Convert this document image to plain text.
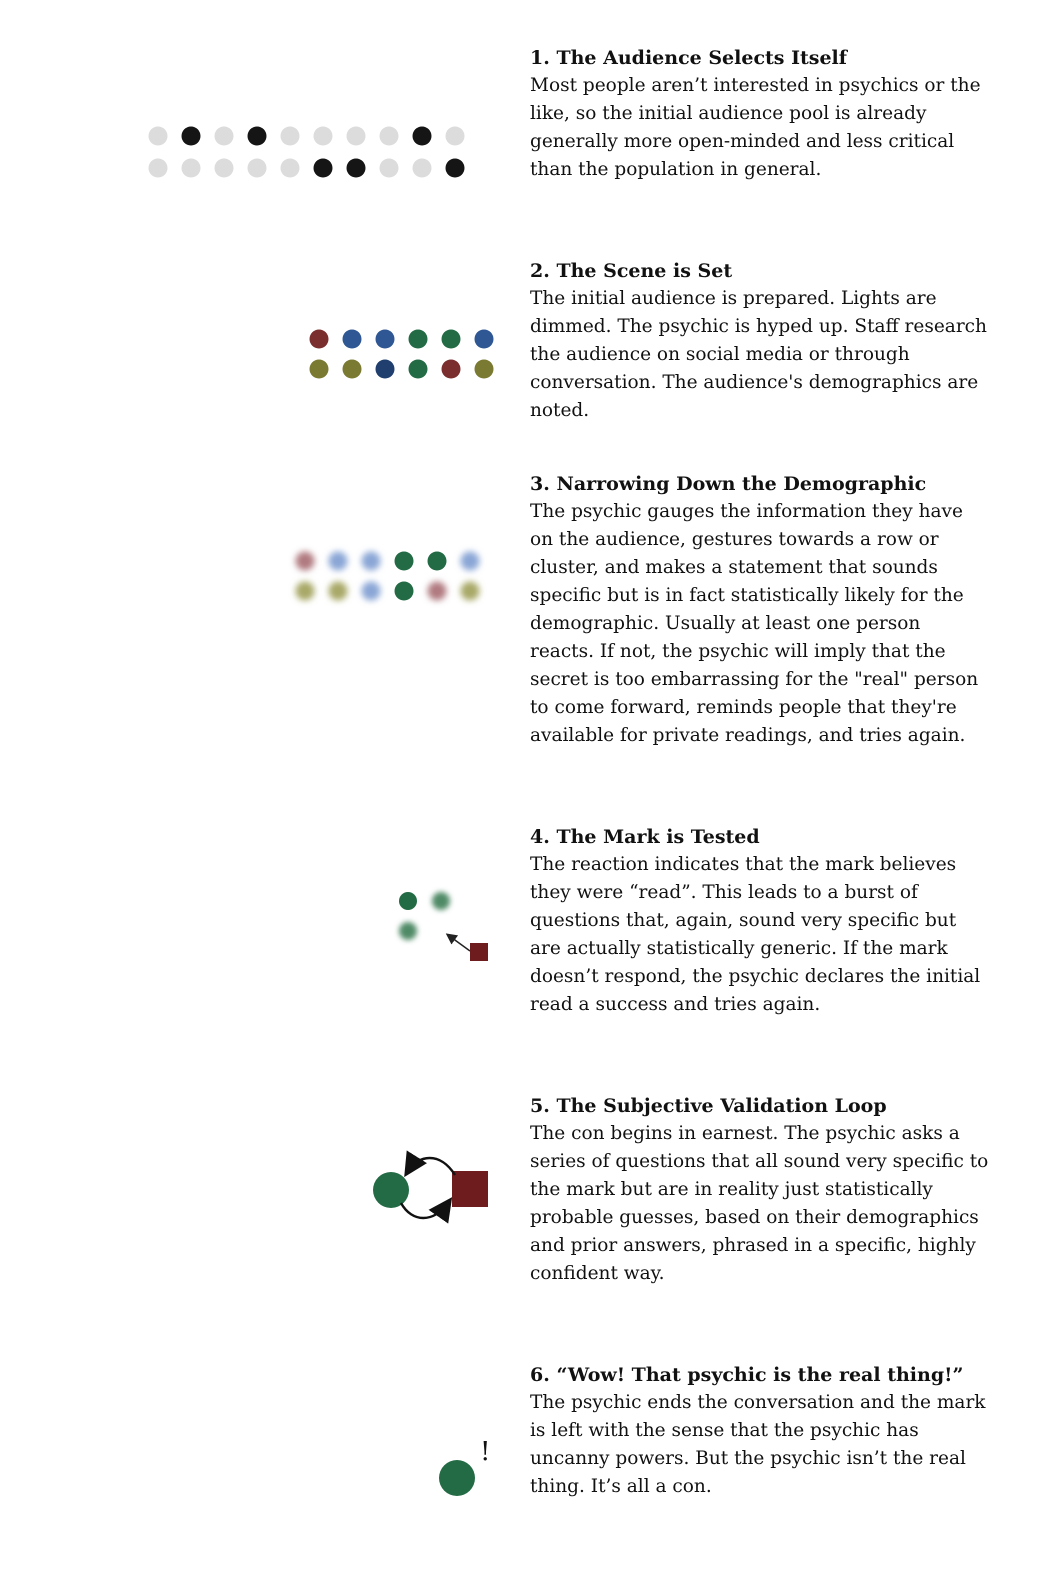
1. The Audience Selects Itself

Most people aren’t interested in psychics or the like, so the initial audience pool is already generally more open-minded and less critical than the population in general.

2. The Scene is Set

The initial audience is prepared. Lights are dimmed. The psychic is hyped up. Staff research the audience on social media or through conversation. The audience's demographics are noted.

3. Narrowing Down the Demographic

The psychic gauges the information they have on the audience, gestures towards a row or cluster, and makes a statement that sounds specific but is in fact statistically likely for the demographic. Usually at least one person reacts. If not, the psychic will imply that the secret is too embarrassing for the "real" person to come forward, reminds people that they're available for private readings, and tries again.

4. The Mark is Tested

The reaction indicates that the mark believes they were “read”. This leads to a burst of questions that, again, sound very specific but are actually statistically generic. If the mark doesn’t respond, the psychic declares the initial read a success and tries again.

5. The Subjective Validation Loop

The con begins in earnest. The psychic asks a series of questions that all sound very specific to the mark but are in reality just statistically probable guesses, based on their demographics and prior answers, phrased in a specific, highly confident way.

!

6. “Wow! That psychic is the real thing!”

The psychic ends the conversation and the mark is left with the sense that the psychic has uncanny powers. But the psychic isn’t the real thing. It’s all a con.
